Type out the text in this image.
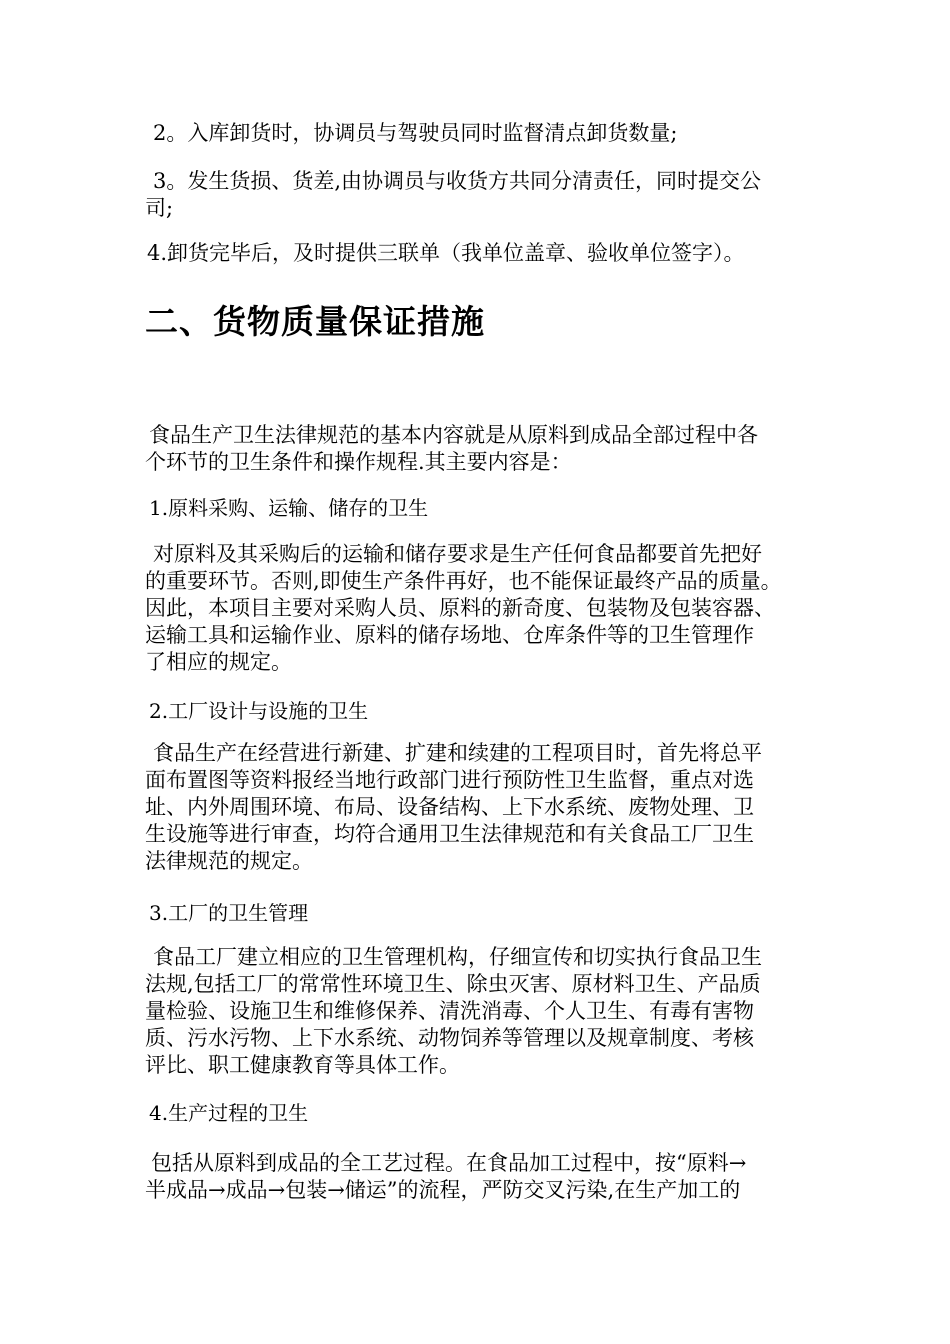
2。入库卸货时，协调员与驾驶员同时监督清点卸货数量;
3。发生货损、货差,由协调员与收货方共同分清责任，同时提交公
司;
4.卸货完毕后，及时提供三联单（我单位盖章、验收单位签字）。
二、货物质量保证措施
食品生产卫生法律规范的基本内容就是从原料到成品全部过程中各
个环节的卫生条件和操作规程.其主要内容是：
1.原料采购、运输、储存的卫生
对原料及其采购后的运输和储存要求是生产任何食品都要首先把好
的重要环节。否则,即使生产条件再好，也不能保证最终产品的质量。
因此，本项目主要对采购人员、原料的新奇度、包装物及包装容器、
运输工具和运输作业、原料的储存场地、仓库条件等的卫生管理作
了相应的规定。
2.工厂设计与设施的卫生
食品生产在经营进行新建、扩建和续建的工程项目时，首先将总平
面布置图等资料报经当地行政部门进行预防性卫生监督，重点对选
址、内外周围环境、布局、设备结构、上下水系统、废物处理、卫
生设施等进行审查，均符合通用卫生法律规范和有关食品工厂卫生
法律规范的规定。
3.工厂的卫生管理
食品工厂建立相应的卫生管理机构，仔细宣传和切实执行食品卫生
法规,包括工厂的常常性环境卫生、除虫灭害、原材料卫生、产品质
量检验、设施卫生和维修保养、清洗消毒、个人卫生、有毒有害物
质、污水污物、上下水系统、动物饲养等管理以及规章制度、考核
评比、职工健康教育等具体工作。
4.生产过程的卫生
包括从原料到成品的全工艺过程。在食品加工过程中，按“原料→
半成品→成品→包装→储运”的流程，严防交叉污染,在生产加工的
